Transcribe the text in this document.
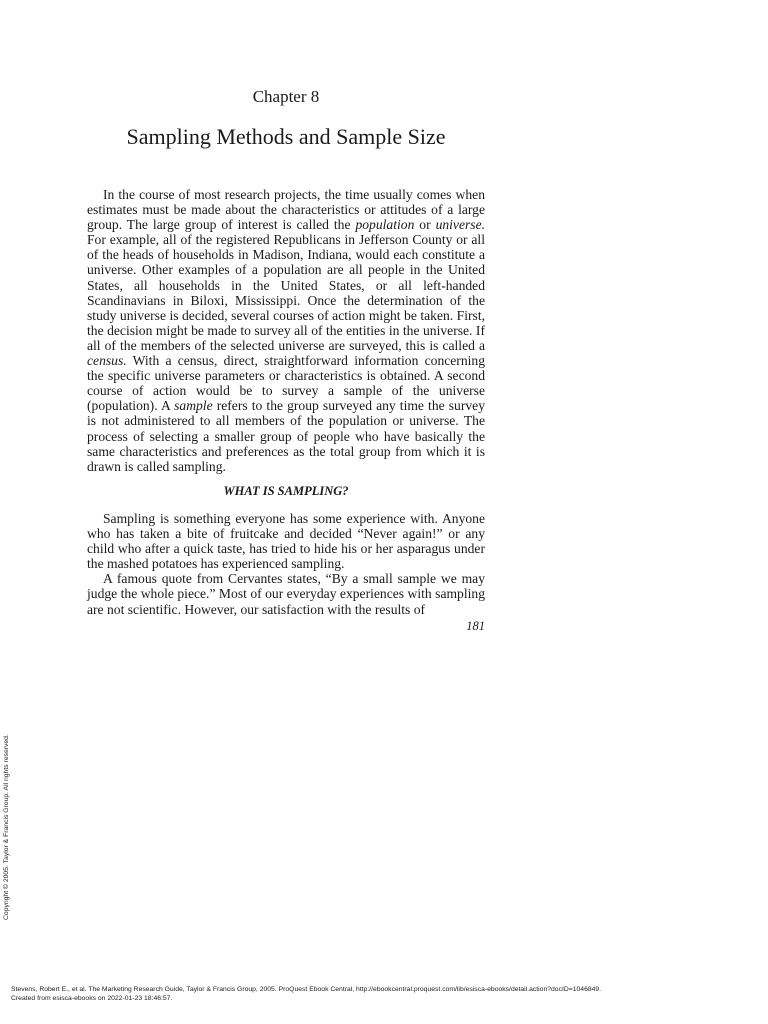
Chapter 8
Sampling Methods and Sample Size

In the course of most research projects, the time usually comes when estimates must be made about the characteristics or attitudes of a large group. The large group of interest is called the population or universe. For example, all of the registered Republicans in Jefferson County or all of the heads of households in Madison, Indiana, would each constitute a universe. Other examples of a population are all people in the United States, all households in the United States, or all left-handed Scandinavians in Biloxi, Mississippi. Once the determination of the study universe is decided, several courses of action might be taken. First, the decision might be made to survey all of the entities in the universe. If all of the members of the selected universe are surveyed, this is called a census. With a census, direct, straightforward information concerning the specific universe parameters or characteristics is obtained. A second course of action would be to survey a sample of the universe (population). A sample refers to the group surveyed any time the survey is not administered to all members of the population or universe. The process of selecting a smaller group of people who have basically the same characteristics and preferences as the total group from which it is drawn is called sampling.

WHAT IS SAMPLING?

Sampling is something everyone has some experience with. Anyone who has taken a bite of fruitcake and decided “Never again!” or any child who after a quick taste, has tried to hide his or her asparagus under the mashed potatoes has experienced sampling.

A famous quote from Cervantes states, “By a small sample we may judge the whole piece.” Most of our everyday experiences with sampling are not scientific. However, our satisfaction with the results of

181
Copyright © 2005. Taylor & Francis Group. All rights reserved.
Stevens, Robert E., et al. The Marketing Research Guide, Taylor & Francis Group, 2005. ProQuest Ebook Central, http://ebookcentral.proquest.com/lib/esisca-ebooks/detail.action?docID=1046849.
Created from esisca-ebooks on 2022-01-23 18:46:57.
